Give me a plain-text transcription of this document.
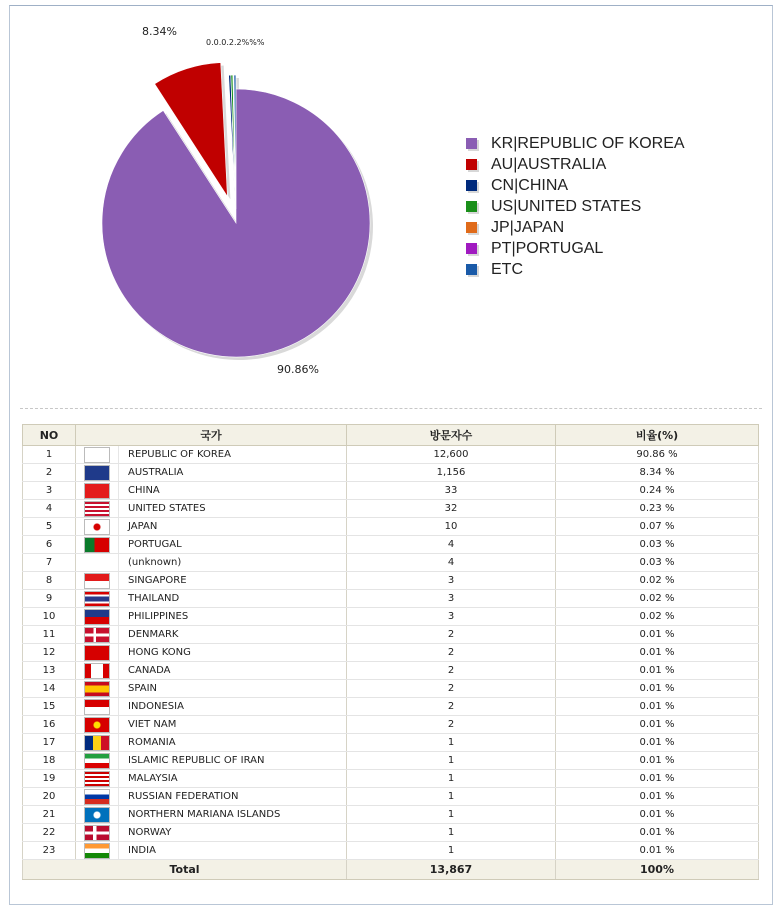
8.34%
90.86%
0.0.0.2.2%%%
KR|REPUBLIC OF KOREA
AU|AUSTRALIA
CN|CHINA
US|UNITED STATES
JP|JAPAN
PT|PORTUGAL
ETC
NO	국가		방문자수	비율(%)
1		REPUBLIC OF KOREA	12,600	90.86 %
2		AUSTRALIA	1,156	8.34 %
3		CHINA	33	0.24 %
4		UNITED STATES	32	0.23 %
5		JAPAN	10	0.07 %
6		PORTUGAL	4	0.03 %
7		(unknown)	4	0.03 %
8		SINGAPORE	3	0.02 %
9		THAILAND	3	0.02 %
10		PHILIPPINES	3	0.02 %
11		DENMARK	2	0.01 %
12		HONG KONG	2	0.01 %
13		CANADA	2	0.01 %
14		SPAIN	2	0.01 %
15		INDONESIA	2	0.01 %
16		VIET NAM	2	0.01 %
17		ROMANIA	1	0.01 %
18		ISLAMIC REPUBLIC OF IRAN	1	0.01 %
19		MALAYSIA	1	0.01 %
20		RUSSIAN FEDERATION	1	0.01 %
21		NORTHERN MARIANA ISLANDS	1	0.01 %
22		NORWAY	1	0.01 %
23		INDIA	1	0.01 %
Total			13,867	100%
